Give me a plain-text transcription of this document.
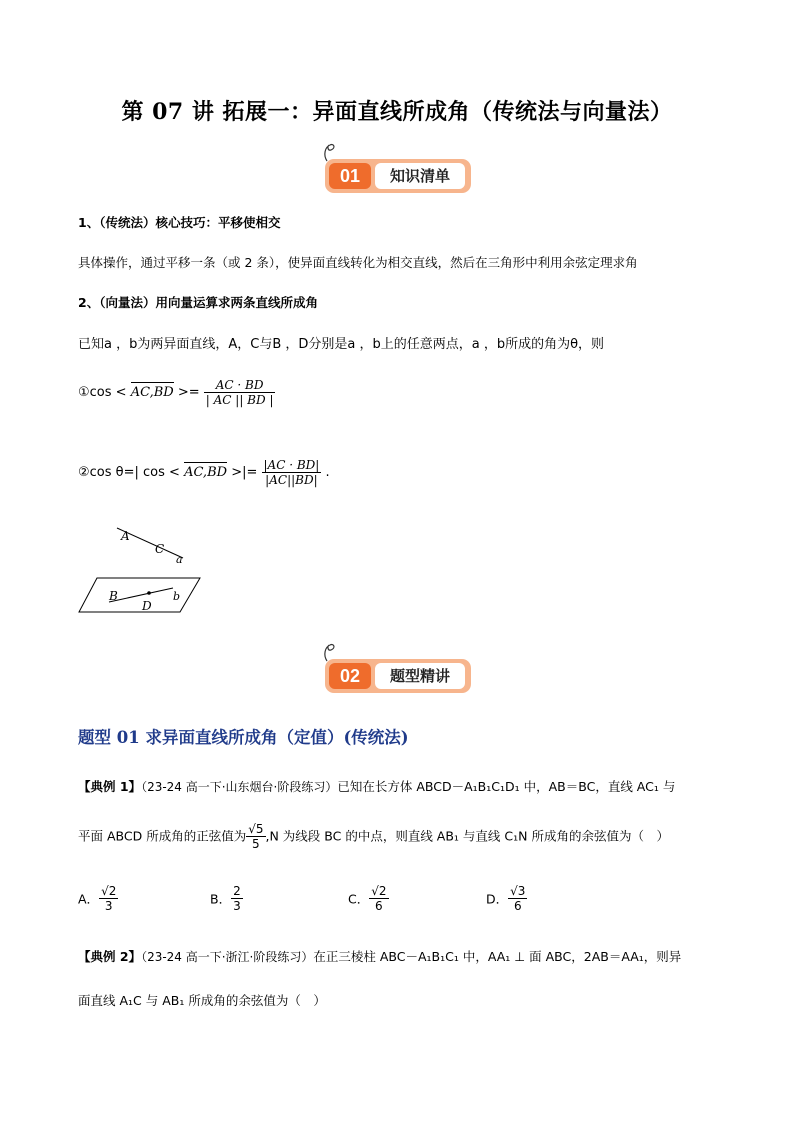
第 07 讲 拓展一：异面直线所成角（传统法与向量法）
01	知识清单
1、（传统法）核心技巧：平移使相交
具体操作，通过平移一条（或 2 条），使异面直线转化为相交直线，然后在三角形中利用余弦定理求角
2、（向量法）用向量运算求两条直线所成角
已知a ，b为两异面直线，A，C与B ，D分别是a ，b上的任意两点，a ，b所成的角为θ，则
①cos < $AC,BD >= \frac{AC \cdot BD}{| AC || BD |}$
②cos θ=| cos < AC,BD >|= $\frac{|AC \cdot BD|}{|AC||BD|}$ .
A
C
a
B
D
b
02	题型精讲
题型 01 求异面直线所成角（定值）(传统法)
【典例 1】（23-24 高一下·山东烟台·阶段练习）已知在长方体 ABCD－A₁B₁C₁D₁ 中，AB＝BC，直线 AC₁ 与
平面 ABCD 所成角的正弦值为 $\frac{√5}{5} ,N$ 为线段 BC 的中点，则直线 AB₁ 与直线 C₁N 所成角的余弦值为（　）
A． $\frac{√2}{3}$	B． $\frac{2}{3}$	C． $\frac{√2}{6}$	D． $\frac{√3}{6}$
【典例 2】（23-24 高一下·浙江·阶段练习）在正三棱柱 ABC－A₁B₁C₁ 中，AA₁ ⊥ 面 ABC，2AB＝AA₁，则异
面直线 A₁C 与 AB₁ 所成角的余弦值为（　）
